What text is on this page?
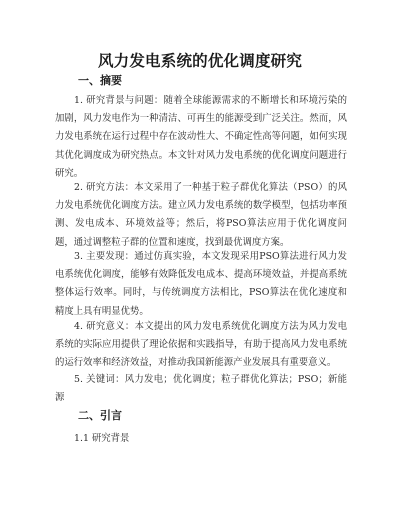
风力发电系统的优化调度研究
一、摘要

1. 研究背景与问题：随着全球能源需求的不断增长和环境污染的加剧，风力发电作为一种清洁、可再生的能源受到广泛关注。然而，风力发电系统在运行过程中存在波动性大、不确定性高等问题，如何实现其优化调度成为研究热点。本文针对风力发电系统的优化调度问题进行研究。

2. 研究方法：本文采用了一种基于粒子群优化算法（PSO）的风力发电系统优化调度方法。建立风力发电系统的数学模型，包括功率预测、发电成本、环境效益等；然后，将PSO算法应用于优化调度问题，通过调整粒子群的位置和速度，找到最优调度方案。

3. 主要发现：通过仿真实验，本文发现采用PSO算法进行风力发电系统优化调度，能够有效降低发电成本、提高环境效益，并提高系统整体运行效率。同时，与传统调度方法相比，PSO算法在优化速度和精度上具有明显优势。

4. 研究意义：本文提出的风力发电系统优化调度方法为风力发电系统的实际应用提供了理论依据和实践指导，有助于提高风力发电系统的运行效率和经济效益，对推动我国新能源产业发展具有重要意义。

5. 关键词：风力发电；优化调度；粒子群优化算法；PSO；新能源

二、引言

1.1 研究背景
